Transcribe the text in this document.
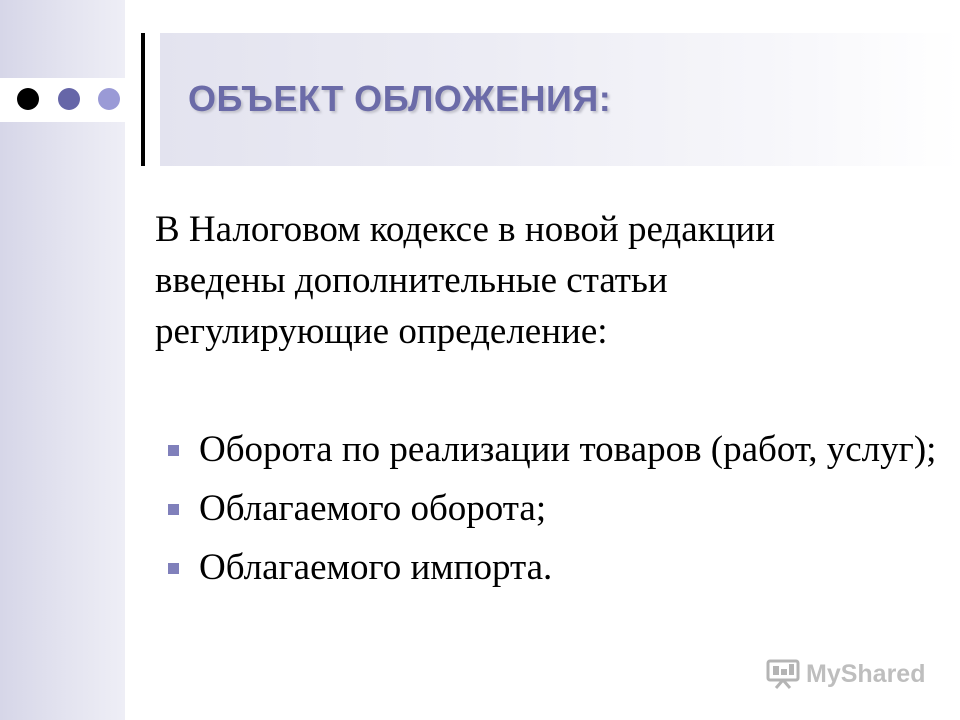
ОБЪЕКТ ОБЛОЖЕНИЯ:

В Налоговом кодексе в новой редакции
введены дополнительные статьи
регулирующие определение:

Оборота по реализации товаров (работ, услуг);
Облагаемого оборота;
Облагаемого импорта.
MyShared
